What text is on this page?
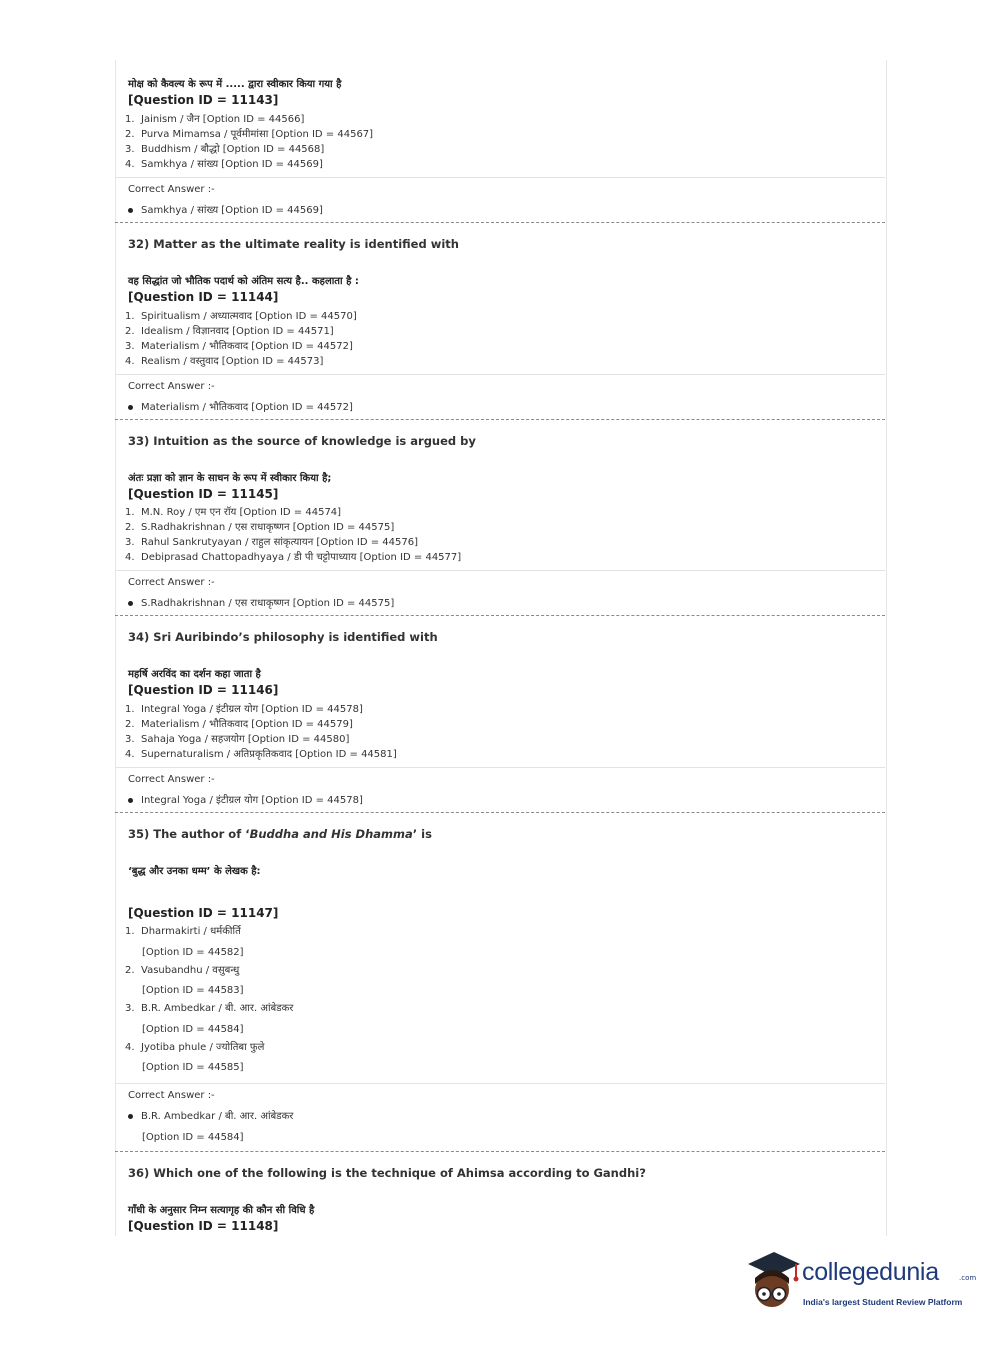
मोक्ष को कैवल्य के रूप में ..... द्वारा स्वीकार किया गया है
[Question ID = 11143]
1. Jainism / जैन [Option ID = 44566]
2. Purva Mimamsa / पूर्वमीमांसा [Option ID = 44567]
3. Buddhism / बौद्धो [Option ID = 44568]
4. Samkhya / सांख्य [Option ID = 44569]
Correct Answer :-
Samkhya / सांख्य [Option ID = 44569]
32) Matter as the ultimate reality is identified with
वह सिद्धांत जो भौतिक पदार्थ को अंतिम सत्य है.. कहलाता है :
[Question ID = 11144]
1. Spiritualism / अध्यात्मवाद [Option ID = 44570]
2. Idealism / विज्ञानवाद [Option ID = 44571]
3. Materialism / भौतिकवाद [Option ID = 44572]
4. Realism / वस्तुवाद [Option ID = 44573]
Correct Answer :-
Materialism / भौतिकवाद [Option ID = 44572]
33) Intuition as the source of knowledge is argued by
अंतः प्रज्ञा को ज्ञान के साधन के रूप में स्वीकार किया है;
[Question ID = 11145]
1. M.N. Roy / एम एन रॉय [Option ID = 44574]
2. S.Radhakrishnan / एस राधाकृष्णन [Option ID = 44575]
3. Rahul Sankrutyayan / राहुल सांकृत्यायन [Option ID = 44576]
4. Debiprasad Chattopadhyaya / डी पी चट्टोपाध्याय [Option ID = 44577]
Correct Answer :-
S.Radhakrishnan / एस राधाकृष्णन [Option ID = 44575]
34) Sri Auribindo’s philosophy is identified with
महर्षि अरविंद का दर्शन कहा जाता है
[Question ID = 11146]
1. Integral Yoga / इंटीग्रल योग [Option ID = 44578]
2. Materialism / भौतिकवाद [Option ID = 44579]
3. Sahaja Yoga / सहजयोग [Option ID = 44580]
4. Supernaturalism / अतिप्रकृतिकवाद [Option ID = 44581]
Correct Answer :-
Integral Yoga / इंटीग्रल योग [Option ID = 44578]
35) The author of ‘Buddha and His Dhamma’ is
‘बुद्ध और उनका धम्म’ के लेखक है:
[Question ID = 11147]
1. Dharmakirti / धर्मकीर्ति
[Option ID = 44582]
2. Vasubandhu / वसुबन्धु
[Option ID = 44583]
3. B.R. Ambedkar / बी. आर. आंबेडकर
[Option ID = 44584]
4. Jyotiba phule / ज्योतिबा फुले
[Option ID = 44585]
Correct Answer :-
B.R. Ambedkar / बी. आर. आंबेडकर
[Option ID = 44584]
36) Which one of the following is the technique of Ahimsa according to Gandhi?
गाँधी के अनुसार निम्न सत्यागृह की कौन सी विधि है
[Question ID = 11148]
collegedunia	.com
India's largest Student Review Platform
